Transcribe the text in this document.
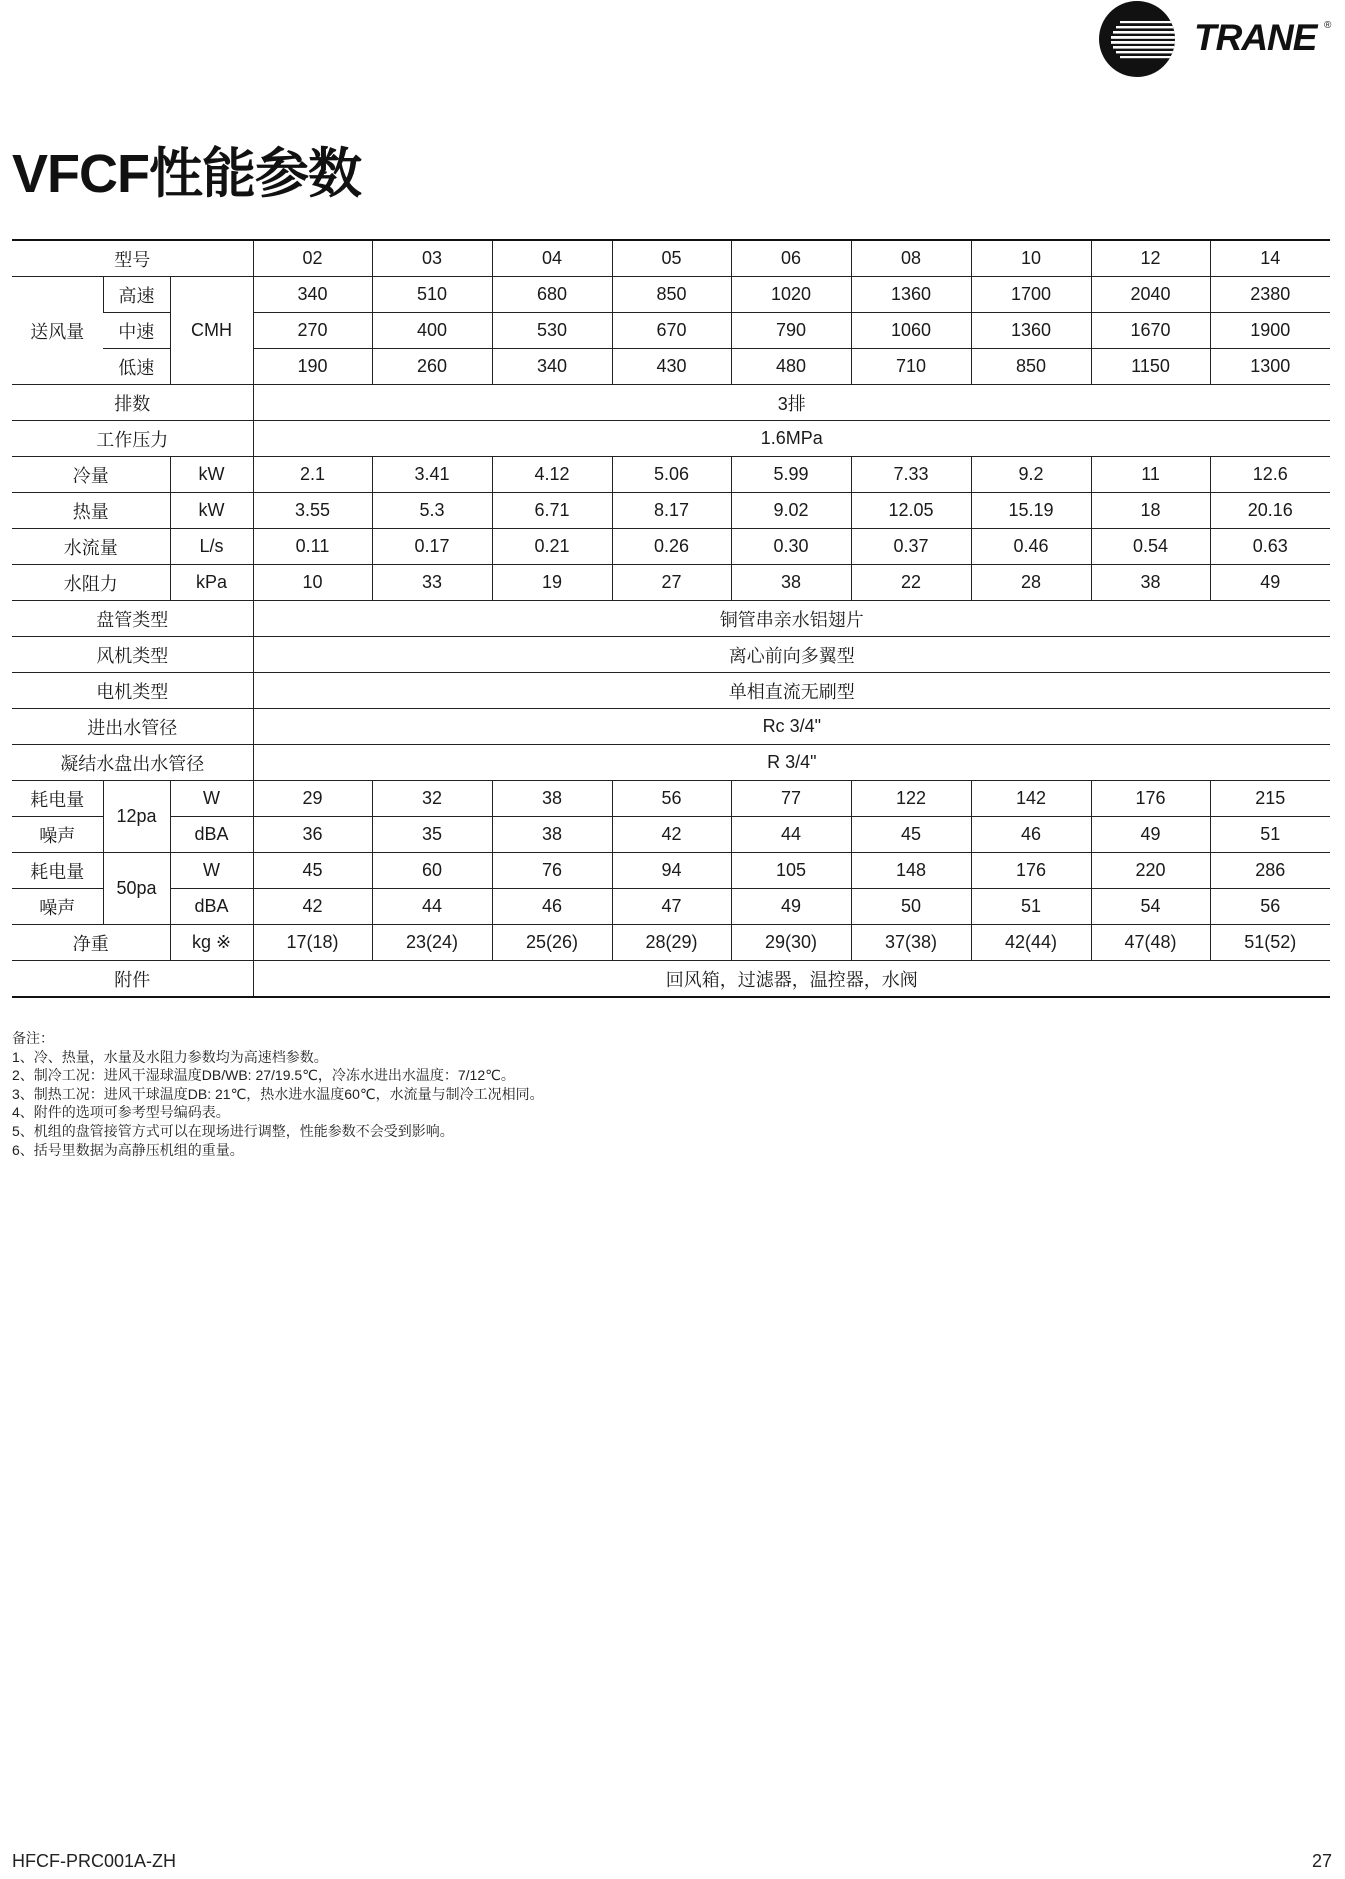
TRANE ®
VFCF性能参数
型号			02	03	04	05	06	08	10	12	14
送风量	高速	CMH	340	510	680	850	1020	1360	1700	2040	2380
	中速		270	400	530	670	790	1060	1360	1670	1900
	低速		190	260	340	430	480	710	850	1150	1300
排数			3排								
工作压力			1.6MPa								
冷量		kW	2.1	3.41	4.12	5.06	5.99	7.33	9.2	11	12.6
热量		kW	3.55	5.3	6.71	8.17	9.02	12.05	15.19	18	20.16
水流量		L/s	0.11	0.17	0.21	0.26	0.30	0.37	0.46	0.54	0.63
水阻力		kPa	10	33	19	27	38	22	28	38	49
盘管类型			铜管串亲水铝翅片								
风机类型			离心前向多翼型								
电机类型			单相直流无刷型								
进出水管径			Rc 3/4"								
凝结水盘出水管径			R 3/4"								
耗电量	12pa	W	29	32	38	56	77	122	142	176	215
噪声		dBA	36	35	38	42	44	45	46	49	51
耗电量	50pa	W	45	60	76	94	105	148	176	220	286
噪声		dBA	42	44	46	47	49	50	51	54	56
净重		kg ※	17(18)	23(24)	25(26)	28(29)	29(30)	37(38)	42(44)	47(48)	51(52)
附件			回风箱，过滤器，温控器，水阀								
备注：
1、冷、热量，水量及水阻力参数均为高速档参数。
2、制冷工况：进风干湿球温度DB/WB: 27/19.5℃，冷冻水进出水温度：7/12℃。
3、制热工况：进风干球温度DB: 21℃，热水进水温度60℃，水流量与制冷工况相同。
4、附件的选项可参考型号编码表。
5、机组的盘管接管方式可以在现场进行调整，性能参数不会受到影响。
6、括号里数据为高静压机组的重量。
HFCF-PRC001A-ZH	27
